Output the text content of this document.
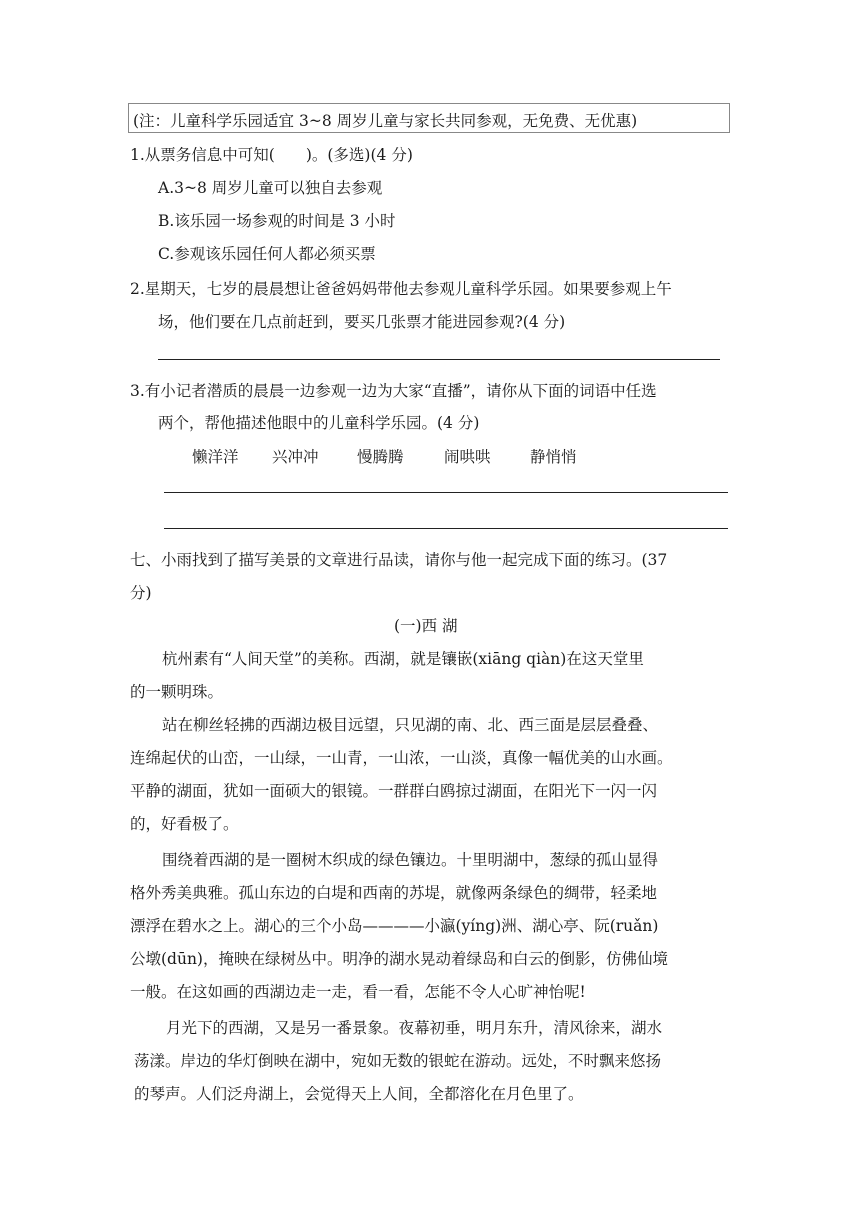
(注：儿童科学乐园适宜 3~8 周岁儿童与家长共同参观，无免费、无优惠)
1.从票务信息中可知(　　)。(多选)(4 分)
A.3~8 周岁儿童可以独自去参观
B.该乐园一场参观的时间是 3 小时
C.参观该乐园任何人都必须买票
2.星期天，七岁的晨晨想让爸爸妈妈带他去参观儿童科学乐园。如果要参观上午
场，他们要在几点前赶到，要买几张票才能进园参观?(4 分)
3.有小记者潜质的晨晨一边参观一边为大家“直播”，请你从下面的词语中任选
两个，帮他描述他眼中的儿童科学乐园。(4 分)
懒洋洋 兴冲冲 慢腾腾	闹哄哄	静悄悄
七、小雨找到了描写美景的文章进行品读，请你与他一起完成下面的练习。(37
分)
(一)西 湖
杭州素有“人间天堂”的美称。西湖，就是镶嵌(xiāng qiàn)在这天堂里
的一颗明珠。
站在柳丝轻拂的西湖边极目远望，只见湖的南、北、西三面是层层叠叠、
连绵起伏的山峦，一山绿，一山青，一山浓，一山淡，真像一幅优美的山水画。
平静的湖面，犹如一面硕大的银镜。一群群白鸥掠过湖面，在阳光下一闪一闪
的，好看极了。
围绕着西湖的是一圈树木织成的绿色镶边。十里明湖中，葱绿的孤山显得
格外秀美典雅。孤山东边的白堤和西南的苏堤，就像两条绿色的绸带，轻柔地
漂浮在碧水之上。湖心的三个小岛————小瀛(yíng)洲、湖心亭、阮(ruǎn)
公墩(dūn)，掩映在绿树丛中。明净的湖水晃动着绿岛和白云的倒影，仿佛仙境
一般。在这如画的西湖边走一走，看一看，怎能不令人心旷神怡呢!
月光下的西湖，又是另一番景象。夜幕初垂，明月东升，清风徐来，湖水
荡漾。岸边的华灯倒映在湖中，宛如无数的银蛇在游动。远处，不时飘来悠扬
的琴声。人们泛舟湖上，会觉得天上人间，全都溶化在月色里了。
